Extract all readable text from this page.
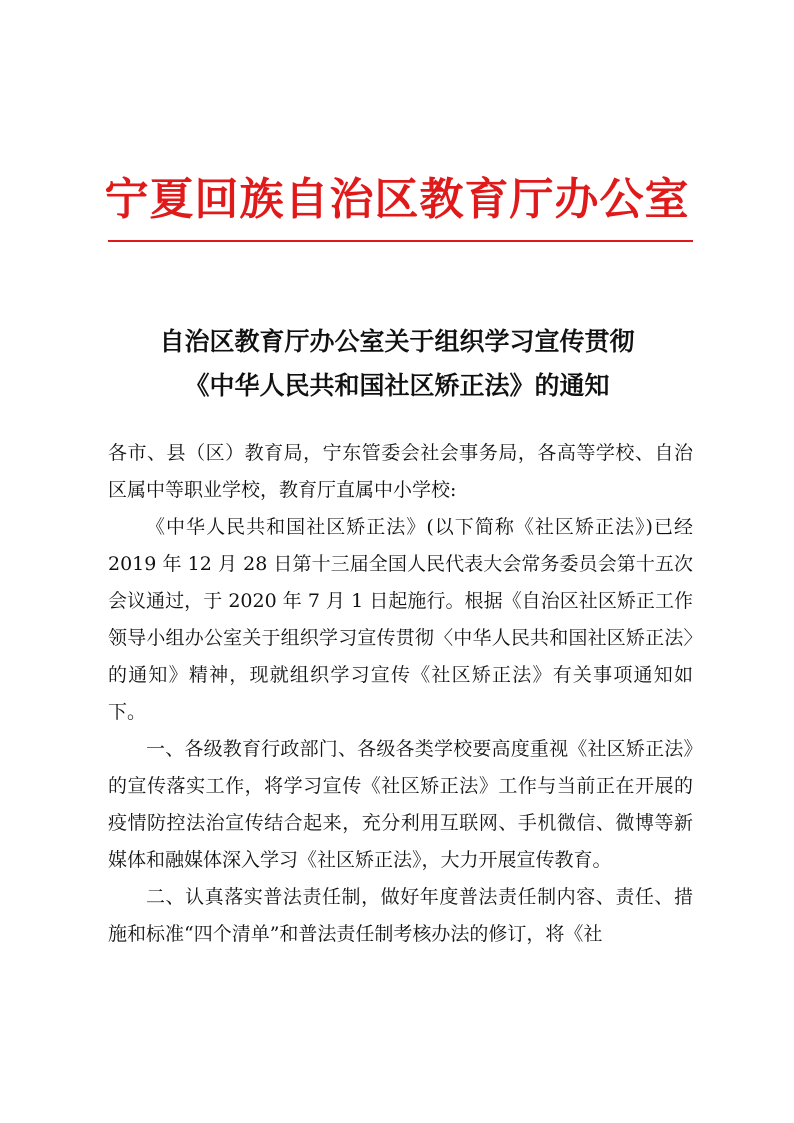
宁夏回族自治区教育厅办公室
自治区教育厅办公室关于组织学习宣传贯彻
《中华人民共和国社区矫正法》的通知

各市、县（区）教育局，宁东管委会社会事务局，各高等学校、自治区属中等职业学校，教育厅直属中小学校:

《中华人民共和国社区矫正法》(以下简称《社区矫正法》)已经 2019 年 12 月 28 日第十三届全国人民代表大会常务委员会第十五次会议通过，于 2020 年 7 月 1 日起施行。根据《自治区社区矫正工作领导小组办公室关于组织学习宣传贯彻〈中华人民共和国社区矫正法〉的通知》精神，现就组织学习宣传《社区矫正法》有关事项通知如下。

一、各级教育行政部门、各级各类学校要高度重视《社区矫正法》的宣传落实工作，将学习宣传《社区矫正法》工作与当前正在开展的疫情防控法治宣传结合起来，充分利用互联网、手机微信、微博等新媒体和融媒体深入学习《社区矫正法》，大力开展宣传教育。

二、认真落实普法责任制，做好年度普法责任制内容、责任、措施和标准“四个清单”和普法责任制考核办法的修订，将《社
